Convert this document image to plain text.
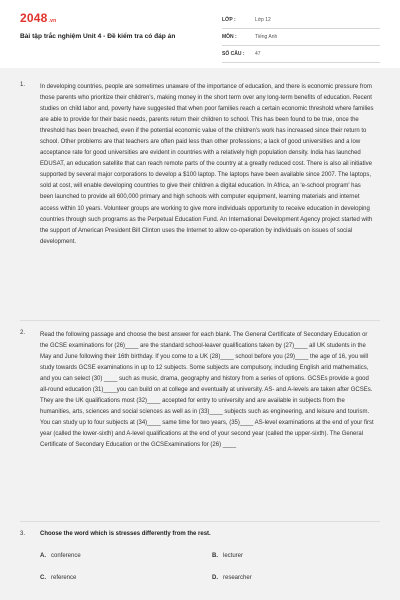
2048.vn
Bài tập trắc nghiệm Unit 4 - Đề kiểm tra có đáp án
LỚP :	Lớp 12
MÔN :	Tiếng Anh
SỐ CÂU :	47
1. In developing countries, people are sometimes unaware of the importance of education, and there is economic pressure from those parents who prioritize their children's, making money in the short term over any long-term benefits of education. Recent studies on child labor and, poverty have suggested that when poor families reach a certain economic threshold where families are able to provide for their basic needs, parents return their children to school. This has been found to be true, once the threshold has been breached, even if the potential economic value of the children's work has increased since their return to school. Other problems are that teachers are often paid less than other professions; a lack of good universities and a low acceptance rate for good universities are evident in countries with a relatively high population density. India has launched EDUSAT, an education satellite that can reach remote parts of the country at a greatly reduced cost. There is also ail initiative supported by several major corporations to develop a $100 laptop. The laptops have been available since 2007. The laptops, sold at cost, will enable developing countries to give their children a digital education. In Africa, an 'e-school program' has been launched to provide all 600,000 primary and high schools with computer equipment, learning materials and internet access within 10 years. Volunteer groups are working to give more individuals opportunity to receive education in developing countries through such programs as the Perpetual Education Fund. An International Development Agency project started with the support of American President Bill Clinton uses the Internet to allow co-operation by individuals on issues of social development.
2. Read the following passage and choose the best answer for each blank. The General Certificate of Secondary Education or the GCSE examinations for (26)____ are the standard school-leaver qualifications taken by (27)____ all UK students in the May and June following their 16th birthday. If you come to a UK (28)____ school before you (29)____ the age of 16, you will study towards GCSE examinations in up to 12 subjects. Some subjects are compulsory, including English arid mathematics, and you can select (30) ____ such as music, drama, geography and history from a series of options. GCSEs provide a good all-round education (31)____you can build on at college and eventually at university. AS- and A-levels are taken after GCSEs. They are the UK qualifications most (32)____ accepted for entry to university and are available in subjects from the humanities, arts, sciences and social sciences as well as in (33)____ subjects such as engineering, and leisure and tourism. You can study up to four subjects at (34)____ same time for two years, (35)____ AS-level examinations at the end of your first year (called the lower-sixth) and A-level qualifications at the end of your second year (called the upper-sixth). The General Certificate of Secondary Education or the GCSExaminations for (26) ____
3. Choose the word which is stresses differently from the rest.
A. conference	B. lecturer
C. reference	D. researcher
